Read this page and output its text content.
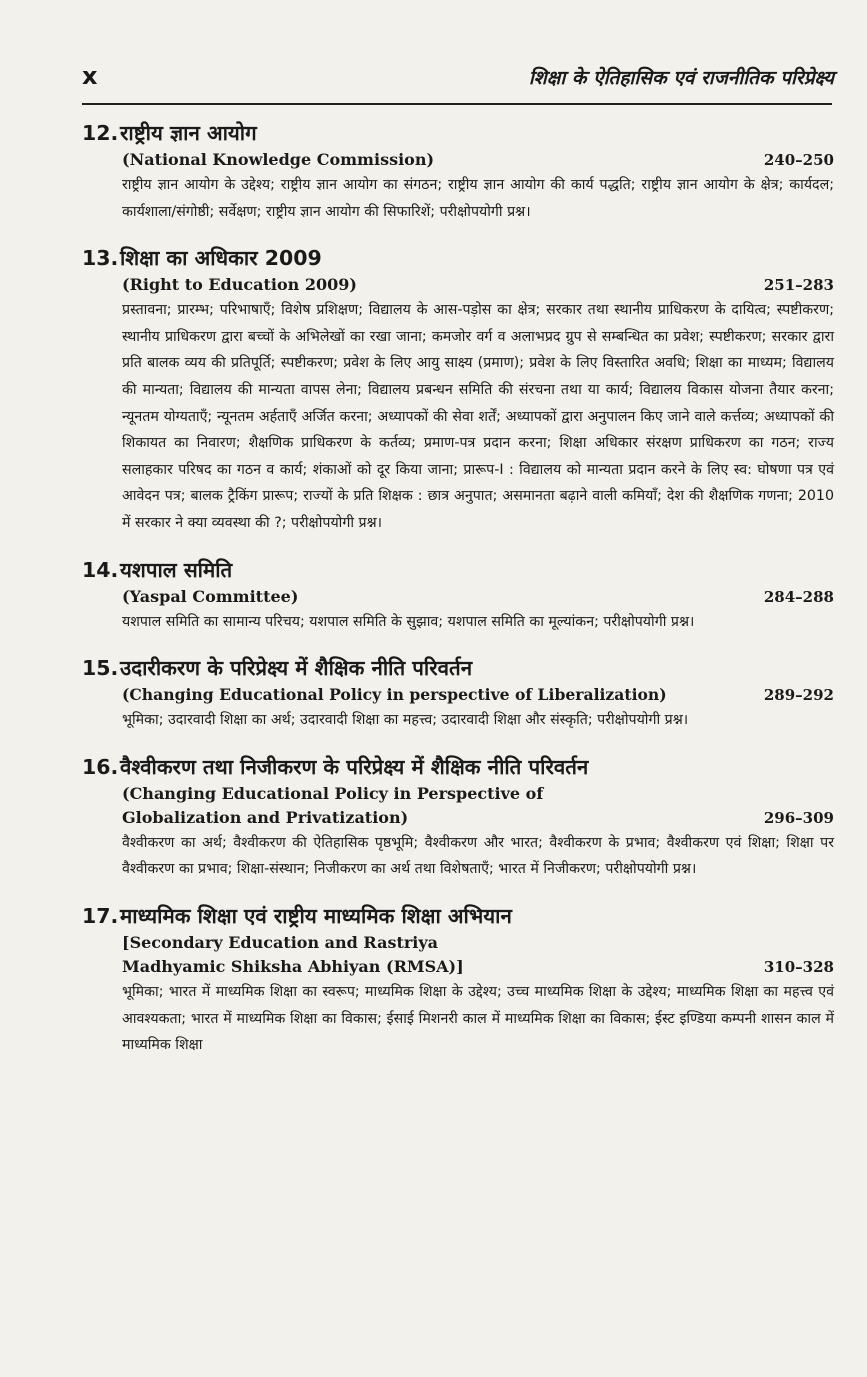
x	शिक्षा के ऐतिहासिक एवं राजनीतिक परिप्रेक्ष्य
12.राष्ट्रीय ज्ञान आयोग
(National Knowledge Commission)	240–250
राष्ट्रीय ज्ञान आयोग के उद्देश्य; राष्ट्रीय ज्ञान आयोग का संगठन; राष्ट्रीय ज्ञान आयोग की कार्य पद्धति; राष्ट्रीय ज्ञान आयोग के क्षेत्र; कार्यदल; कार्यशाला/संगोष्ठी; सर्वेक्षण; राष्ट्रीय ज्ञान आयोग की सिफारिशें; परीक्षोपयोगी प्रश्न।
13.शिक्षा का अधिकार 2009
(Right to Education 2009)	251–283
प्रस्तावना; प्रारम्भ; परिभाषाएँ; विशेष प्रशिक्षण; विद्यालय के आस-पड़ोस का क्षेत्र; सरकार तथा स्थानीय प्राधिकरण के दायित्व; स्पष्टीकरण; स्थानीय प्राधिकरण द्वारा बच्चों के अभिलेखों का रखा जाना; कमजोर वर्ग व अलाभप्रद ग्रुप से सम्बन्धित का प्रवेश; स्पष्टीकरण; सरकार द्वारा प्रति बालक व्यय की प्रतिपूर्ति; स्पष्टीकरण; प्रवेश के लिए आयु साक्ष्य (प्रमाण); प्रवेश के लिए विस्तारित अवधि; शिक्षा का माध्यम; विद्यालय की मान्यता; विद्यालय की मान्यता वापस लेना; विद्यालय प्रबन्धन समिति की संरचना तथा या कार्य; विद्यालय विकास योजना तैयार करना; न्यूनतम योग्यताएँ; न्यूनतम अर्हताएँ अर्जित करना; अध्यापकों की सेवा शर्तें; अध्यापकों द्वारा अनुपालन किए जाने वाले कर्त्तव्य; अध्यापकों की शिकायत का निवारण; शैक्षणिक प्राधिकरण के कर्तव्य; प्रमाण-पत्र प्रदान करना; शिक्षा अधिकार संरक्षण प्राधिकरण का गठन; राज्य सलाहकार परिषद का गठन व कार्य; शंकाओं को दूर किया जाना; प्रारूप-I : विद्यालय को मान्यता प्रदान करने के लिए स्व: घोषणा पत्र एवं आवेदन पत्र; बालक ट्रैकिंग प्रारूप; राज्यों के प्रति शिक्षक : छात्र अनुपात; असमानता बढ़ाने वाली कमियाँ; देश की शैक्षणिक गणना; 2010 में सरकार ने क्या व्यवस्था की ?; परीक्षोपयोगी प्रश्न।
14.यशपाल समिति
(Yaspal Committee)	284–288
यशपाल समिति का सामान्य परिचय; यशपाल समिति के सुझाव; यशपाल समिति का मूल्यांकन; परीक्षोपयोगी प्रश्न।
15.उदारीकरण के परिप्रेक्ष्य में शैक्षिक नीति परिवर्तन
(Changing Educational Policy in perspective of Liberalization)	289–292
भूमिका; उदारवादी शिक्षा का अर्थ; उदारवादी शिक्षा का महत्त्व; उदारवादी शिक्षा और संस्कृति; परीक्षोपयोगी प्रश्न।
16.वैश्वीकरण तथा निजीकरण के परिप्रेक्ष्य में शैक्षिक नीति परिवर्तन
(Changing Educational Policy in Perspective of
Globalization and Privatization)	296–309
वैश्वीकरण का अर्थ; वैश्वीकरण की ऐतिहासिक पृष्ठभूमि; वैश्वीकरण और भारत; वैश्वीकरण के प्रभाव; वैश्वीकरण एवं शिक्षा; शिक्षा पर वैश्वीकरण का प्रभाव; शिक्षा-संस्थान; निजीकरण का अर्थ तथा विशेषताएँ; भारत में निजीकरण; परीक्षोपयोगी प्रश्न।
17.माध्यमिक शिक्षा एवं राष्ट्रीय माध्यमिक शिक्षा अभियान
[Secondary Education and Rastriya
Madhyamic Shiksha Abhiyan (RMSA)]	310–328
भूमिका; भारत में माध्यमिक शिक्षा का स्वरूप; माध्यमिक शिक्षा के उद्देश्य; उच्च माध्यमिक शिक्षा के उद्देश्य; माध्यमिक शिक्षा का महत्त्व एवं आवश्यकता; भारत में माध्यमिक शिक्षा का विकास; ईसाई मिशनरी काल में माध्यमिक शिक्षा का विकास; ईस्ट इण्डिया कम्पनी शासन काल में माध्यमिक शिक्षा
